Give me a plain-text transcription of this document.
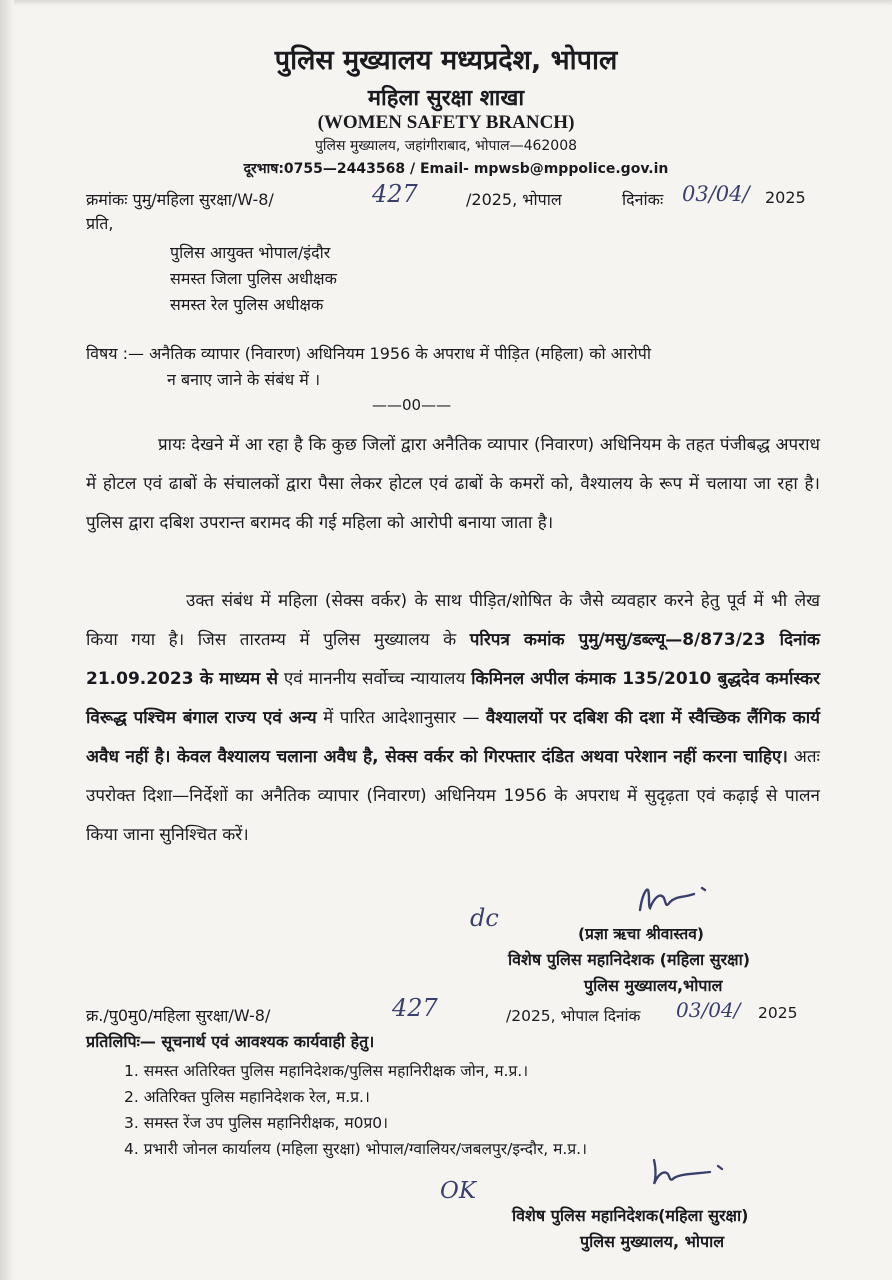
पुलिस मुख्यालय मध्यप्रदेश, भोपाल
महिला सुरक्षा शाखा
(WOMEN SAFETY BRANCH)
पुलिस मुख्यालय, जहांगीराबाद, भोपाल—462008
दूरभाष:0755—2443568 / Email- mpwsb@mppolice.gov.in
क्रमांकः पुमु/महिला सुरक्षा/W-8/	427	/2025, भोपाल	दिनांकः 03/04/ 2025
प्रति,
पुलिस आयुक्त भोपाल/इंदौर
समस्त जिला पुलिस अधीक्षक
समस्त रेल पुलिस अधीक्षक
विषय :— अनैतिक व्यापार (निवारण) अधिनियम 1956 के अपराध में पीड़ित (महिला) को आरोपी
न बनाए जाने के संबंध में ।
——00——
प्रायः देखने में आ रहा है कि कुछ जिलों द्वारा अनैतिक व्यापार (निवारण) अधिनियम के तहत पंजीबद्ध अपराध में होटल एवं ढाबों के संचालकों द्वारा पैसा लेकर होटल एवं ढाबों के कमरों को, वैश्यालय के रूप में चलाया जा रहा है। पुलिस द्वारा दबिश उपरान्त बरामद की गई महिला को आरोपी बनाया जाता है।
उक्त संबंध में महिला (सेक्स वर्कर) के साथ पीड़ित/शोषित के जैसे व्यवहार करने हेतु पूर्व में भी लेख किया गया है। जिस तारतम्य में पुलिस मुख्यालय के परिपत्र कमांक पुमु/मसु/डब्ल्यू—8/873/23 दिनांक 21.09.2023 के माध्यम से एवं माननीय सर्वोच्च न्यायालय किमिनल अपील कंमाक 135/2010 बुद्धदेव कर्मास्कर विरूद्ध पश्चिम बंगाल राज्य एवं अन्य में पारित आदेशानुसार — वैश्यालयों पर दबिश की दशा में स्वैच्छिक लैंगिक कार्य अवैध नहीं है। केवल वैश्यालय चलाना अवैध है, सेक्स वर्कर को गिरफ्तार दंडित अथवा परेशान नहीं करना चाहिए। अतः उपरोक्त दिशा—निर्देशों का अनैतिक व्यापार (निवारण) अधिनियम 1956 के अपराध में सुदृढ़ता एवं कढ़ाई से पालन किया जाना सुनिश्चित करें।
dc
(प्रज्ञा ऋचा श्रीवास्तव)
विशेष पुलिस महानिदेशक (महिला सुरक्षा)
पुलिस मुख्यालय,भोपाल
क्र./पु0मु0/महिला सुरक्षा/W-8/	427	/2025, भोपाल दिनांक 03/04/ 2025
प्रतिलिपिः— सूचनार्थ एवं आवश्यक कार्यवाही हेतु।
1. समस्त अतिरिक्त पुलिस महानिदेशक/पुलिस महानिरीक्षक जोन, म.प्र.।
2. अतिरिक्त पुलिस महानिदेशक रेल, म.प्र.।
3. समस्त रेंज उप पुलिस महानिरीक्षक, म0प्र0।
4. प्रभारी जोनल कार्यालय (महिला सुरक्षा) भोपाल/ग्वालियर/जबलपुर/इन्दौर, म.प्र.।
OK
विशेष पुलिस महानिदेशक(महिला सुरक्षा)
पुलिस मुख्यालय, भोपाल
